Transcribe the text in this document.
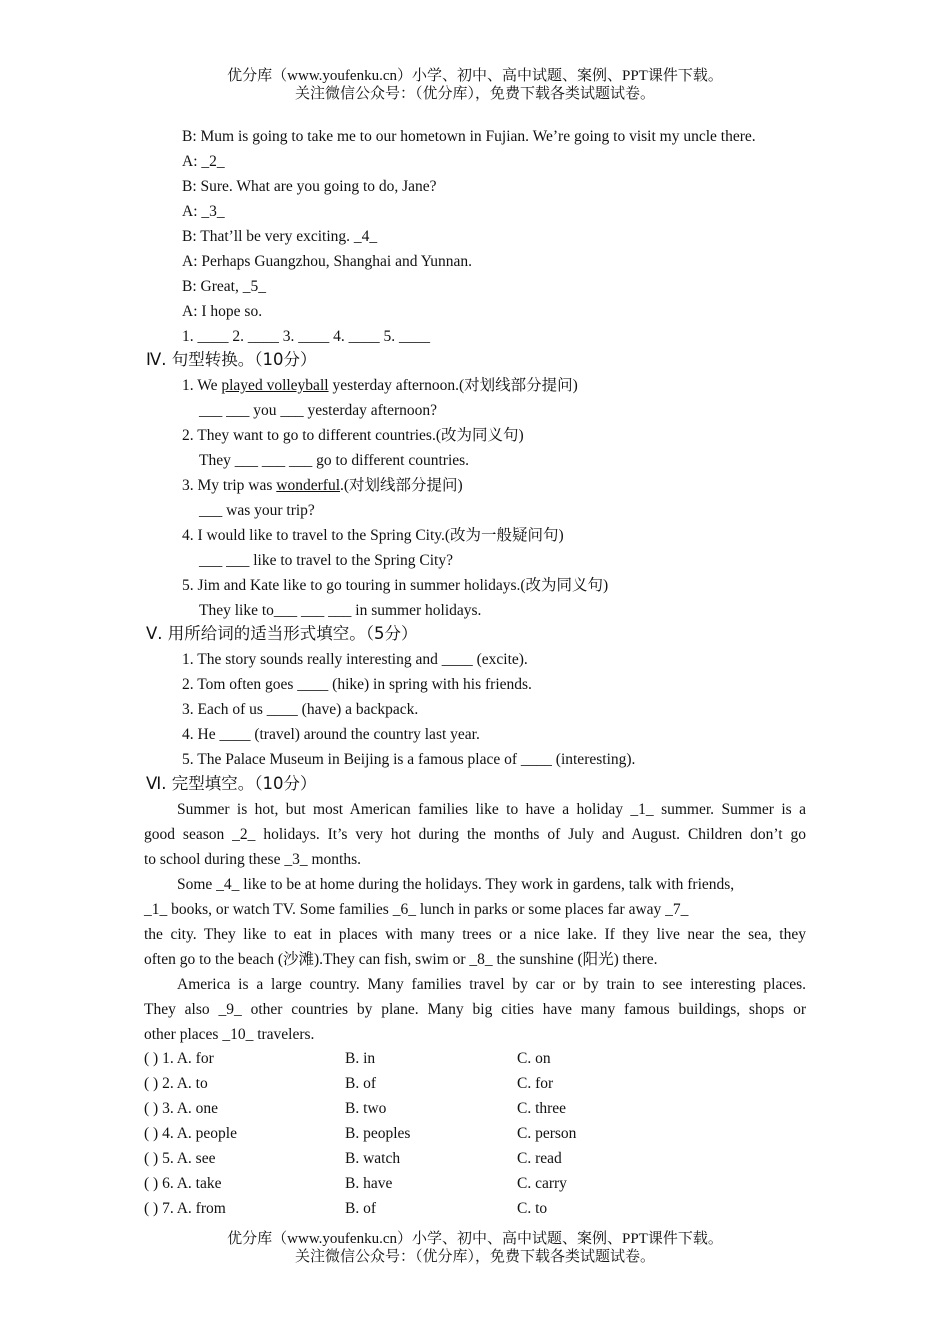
优分库（www.youfenku.cn）小学、初中、高中试题、案例、PPT课件下载。
关注微信公众号：（优分库），免费下载各类试题试卷。
B: Mum is going to take me to our hometown in Fujian. We’re going to visit my uncle there.
A: _2_
B: Sure. What are you going to do, Jane?
A: _3_
B: That’ll be very exciting. _4_
A: Perhaps Guangzhou, Shanghai and Yunnan.
B: Great, _5_
A: I hope so.
1. ____ 2. ____ 3. ____ 4. ____ 5. ____
Ⅳ. 句型转换。（10分）
1. We played volleyball yesterday afternoon.(对划线部分提问)
___ ___ you ___ yesterday afternoon?
2. They want to go to different countries.(改为同义句)
They ___ ___ ___ go to different countries.
3. My trip was wonderful.(对划线部分提问)
___ was your trip?
4. I would like to travel to the Spring City.(改为一般疑问句)
___ ___ like to travel to the Spring City?
5. Jim and Kate like to go touring in summer holidays.(改为同义句)
They like to___ ___ ___ in summer holidays.
Ⅴ. 用所给词的适当形式填空。（5分）
1. The story sounds really interesting and ____ (excite).
2. Tom often goes ____ (hike) in spring with his friends.
3. Each of us ____ (have) a backpack.
4. He ____ (travel) around the country last year.
5. The Palace Museum in Beijing is a famous place of ____ (interesting).
Ⅵ. 完型填空。（10分）
Summer is hot, but most American families like to have a holiday _1_ summer. Summer is a
good season _2_ holidays. It’s very hot during the months of July and August. Children don’t go
to school during these _3_ months.
Some _4_ like to be at home during the holidays. They work in gardens, talk with friends,
_1_ books, or watch TV. Some families _6_ lunch in parks or some places far away _7_
the city. They like to eat in places with many trees or a nice lake. If they live near the sea, they
often go to the beach (沙滩).They can fish, swim or _8_ the sunshine (阳光) there.
America is a large country. Many families travel by car or by train to see interesting places.
They also _9_ other countries by plane. Many big cities have many famous buildings, shops or
other places _10_ travelers.
( ) 1. A. for	B. in	C. on
( ) 2. A. to	B. of	C. for
( ) 3. A. one	B. two	C. three
( ) 4. A. people	B. peoples	C. person
( ) 5. A. see	B. watch	C. read
( ) 6. A. take	B. have	C. carry
( ) 7. A. from	B. of	C. to
优分库（www.youfenku.cn）小学、初中、高中试题、案例、PPT课件下载。
关注微信公众号：（优分库），免费下载各类试题试卷。
